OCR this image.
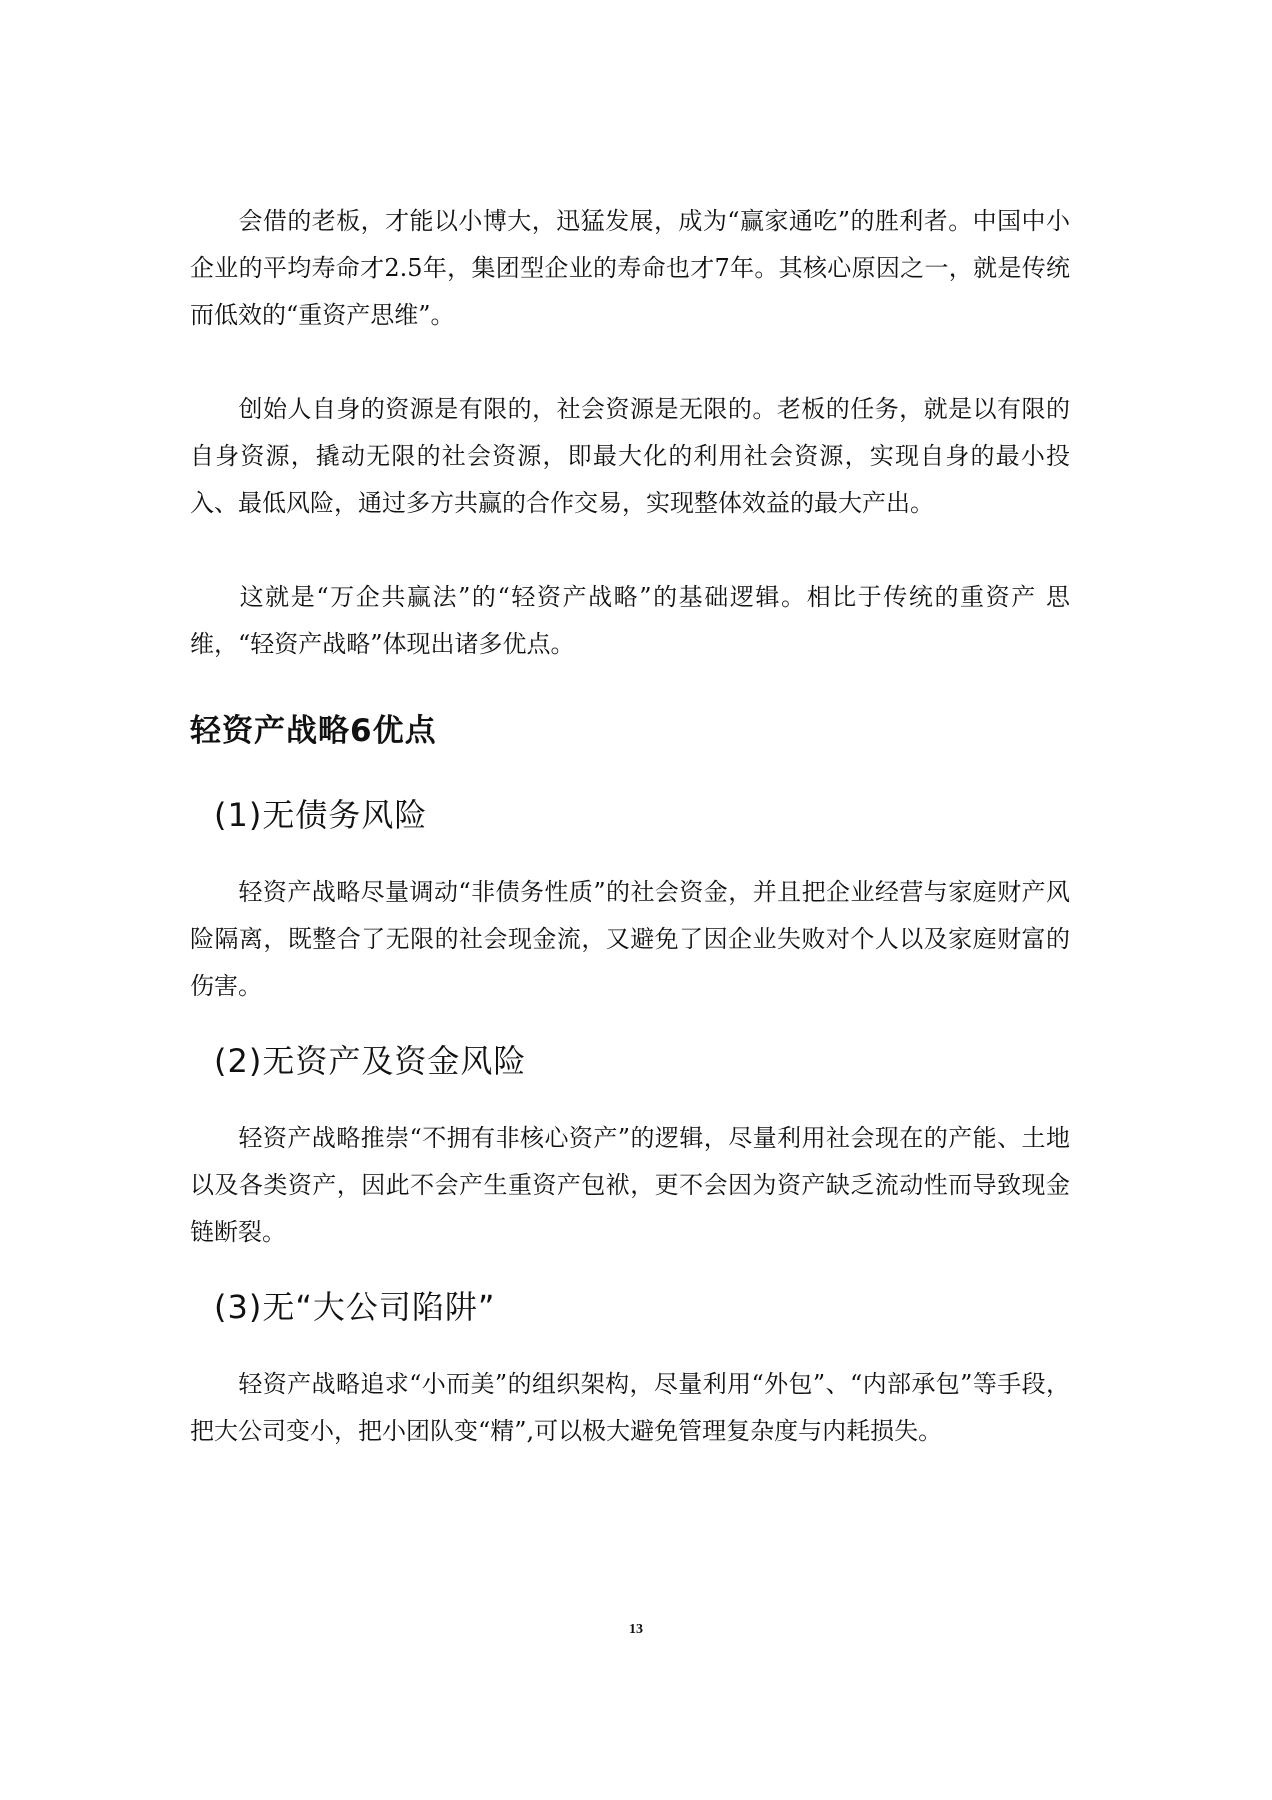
会借的老板，才能以小博大，迅猛发展，成为“赢家通吃”的胜利者。中国中小企业的平均寿命才2.5年，集团型企业的寿命也才7年。其核心原因之一，就是传统而低效的“重资产思维”。

创始人自身的资源是有限的，社会资源是无限的。老板的任务，就是以有限的自身资源，撬动无限的社会资源，即最大化的利用社会资源，实现自身的最小投入、最低风险，通过多方共赢的合作交易，实现整体效益的最大产出。

这就是“万企共赢法”的“轻资产战略”的基础逻辑。相比于传统的重资产 思维，“轻资产战略”体现出诸多优点。

轻资产战略6优点
(1)无债务风险

轻资产战略尽量调动“非债务性质”的社会资金，并且把企业经营与家庭财产风险隔离，既整合了无限的社会现金流，又避免了因企业失败对个人以及家庭财富的伤害。

(2)无资产及资金风险

轻资产战略推崇“不拥有非核心资产”的逻辑，尽量利用社会现在的产能、土地以及各类资产，因此不会产生重资产包袱，更不会因为资产缺乏流动性而导致现金链断裂。

(3)无“大公司陷阱”

轻资产战略追求“小而美”的组织架构，尽量利用“外包”、“内部承包”等手段，把大公司变小，把小团队变“精”,可以极大避免管理复杂度与内耗损失。

13
